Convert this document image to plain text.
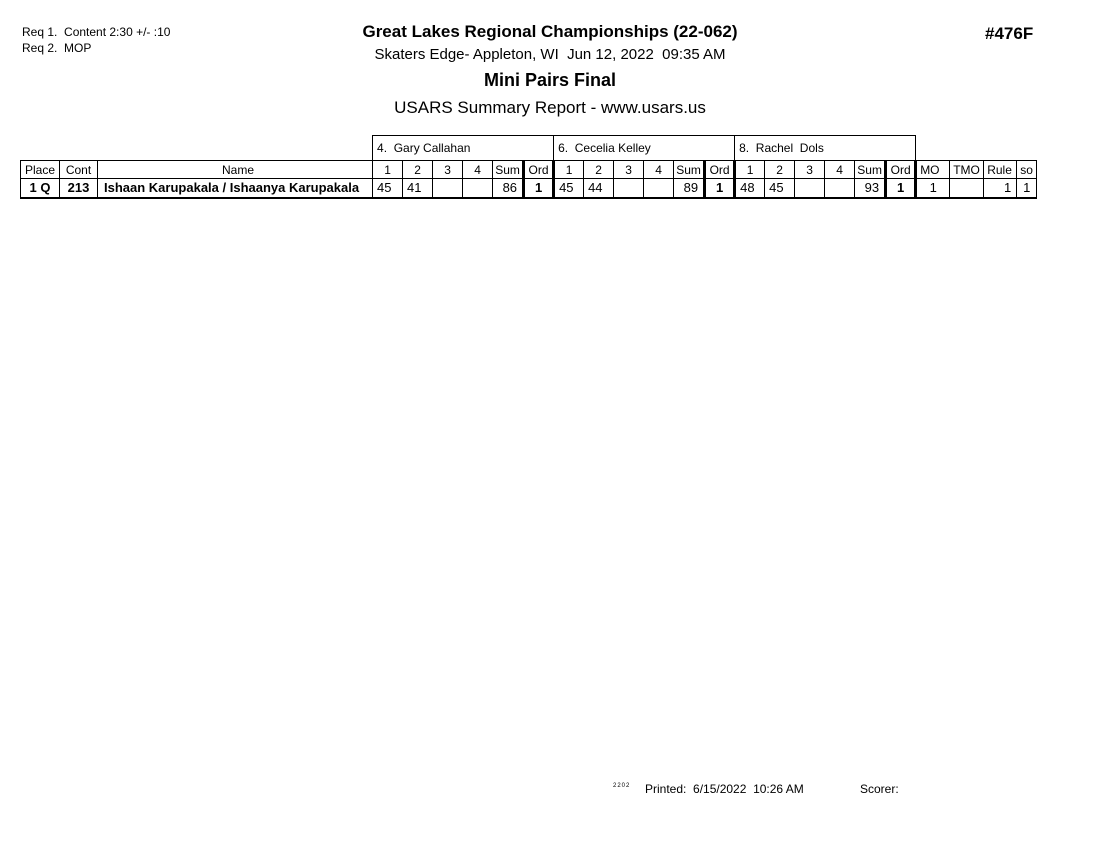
Req 1.  Content 2:30 +/- :10
Req 2.  MOP
Great Lakes Regional Championships (22-062)
Skaters Edge- Appleton, WI  Jun 12, 2022  09:35 AM
Mini Pairs Final
USARS Summary Report - www.usars.us
#476F
			4.  Gary Callahan						6.  Cecelia Kelley						8.  Rachel  Dols									
Place	Cont	Name	1	2	3	4	Sum	Ord	1	2	3	4	Sum	Ord	1	2	3	4	Sum	Ord	MO	TMO	Rule	so
1 Q	213	Ishaan Karupakala / Ishaanya Karupakala	45	41			86	1	45	44			89	1	48	45			93	1	1		1	1
2202 Printed:  6/15/2022  10:26 AM	Scorer:
